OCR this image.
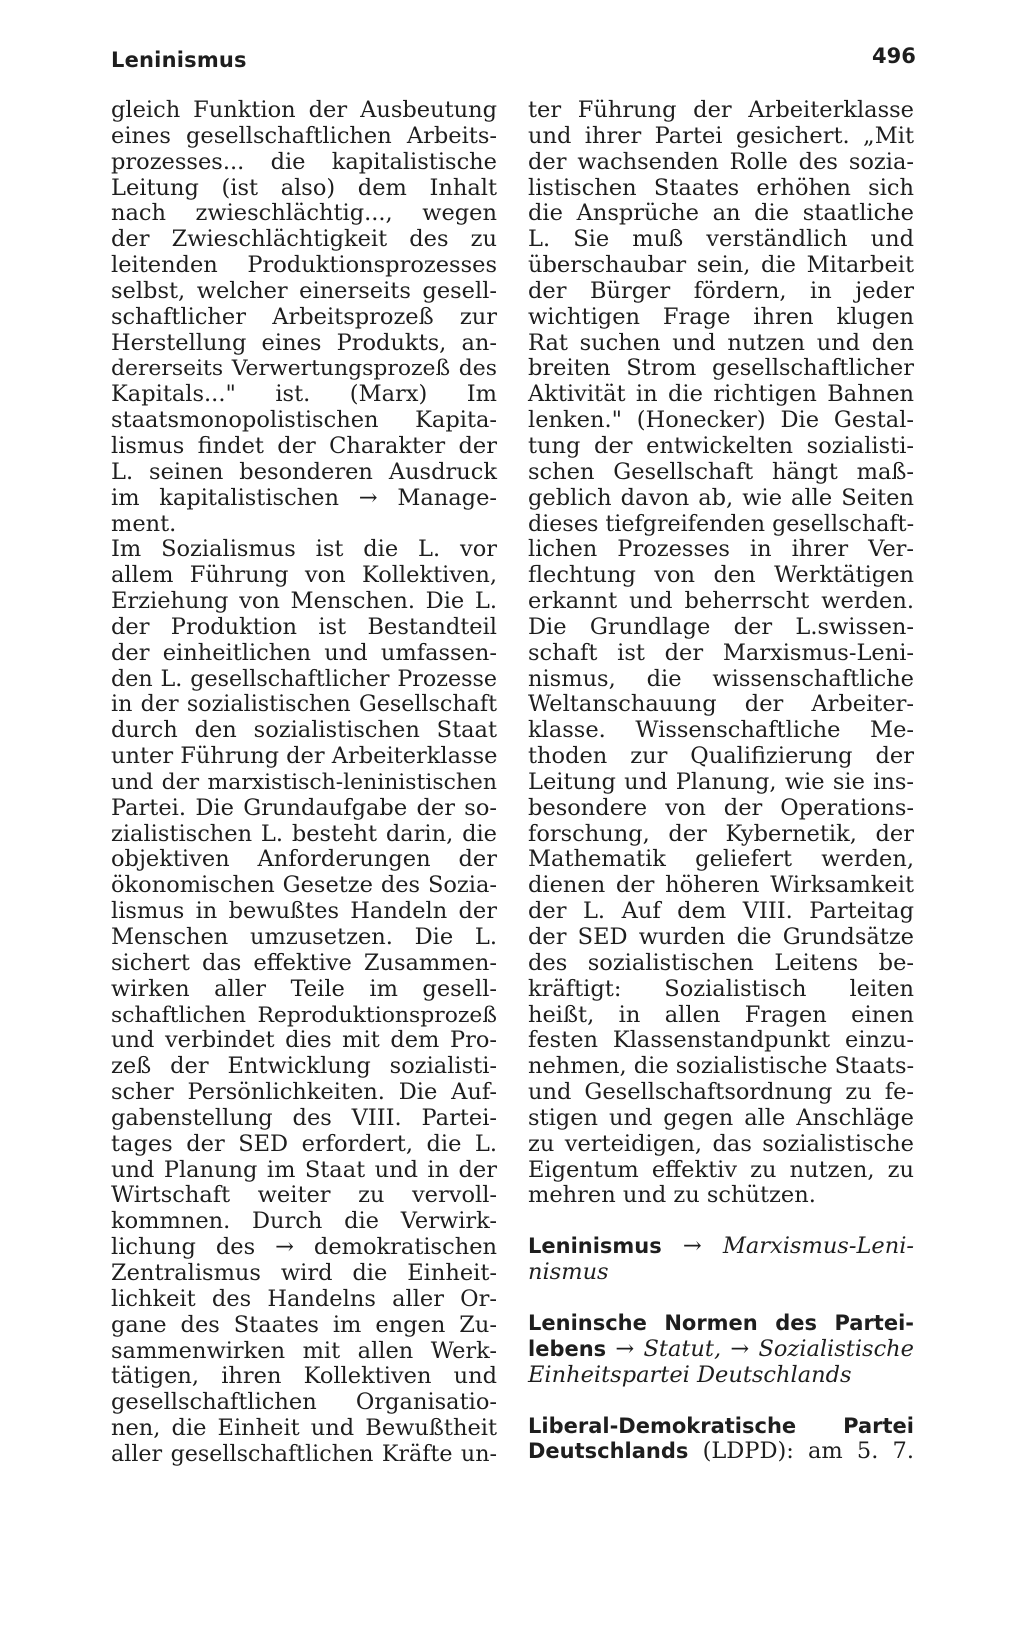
Leninismus	496
gleich Funktion der Ausbeutung
eines gesellschaftlichen Arbeits-
prozesses... die kapitalistische
Leitung (ist also) dem Inhalt
nach zwieschlächtig..., wegen
der Zwieschlächtigkeit des zu
leitenden Produktionsprozesses
selbst, welcher einerseits gesell-
schaftlicher Arbeitsprozeß zur
Herstellung eines Produkts, an-
dererseits Verwertungsprozeß des
Kapitals..." ist. (Marx) Im
staatsmonopolistischen Kapita-
lismus findet der Charakter der
L. seinen besonderen Ausdruck
im kapitalistischen → Manage-
ment.
Im Sozialismus ist die L. vor
allem Führung von Kollektiven,
Erziehung von Menschen. Die L.
der Produktion ist Bestandteil
der einheitlichen und umfassen-
den L. gesellschaftlicher Prozesse
in der sozialistischen Gesellschaft
durch den sozialistischen Staat
unter Führung der Arbeiterklasse
und der marxistisch-leninistischen
Partei. Die Grundaufgabe der so-
zialistischen L. besteht darin, die
objektiven Anforderungen der
ökonomischen Gesetze des Sozia-
lismus in bewußtes Handeln der
Menschen umzusetzen. Die L.
sichert das effektive Zusammen-
wirken aller Teile im gesell-
schaftlichen Reproduktionsprozeß
und verbindet dies mit dem Pro-
zeß der Entwicklung sozialisti-
scher Persönlichkeiten. Die Auf-
gabenstellung des VIII. Partei-
tages der SED erfordert, die L.
und Planung im Staat und in der
Wirtschaft weiter zu vervoll-
kommnen. Durch die Verwirk-
lichung des → demokratischen
Zentralismus wird die Einheit-
lichkeit des Handelns aller Or-
gane des Staates im engen Zu-
sammenwirken mit allen Werk-
tätigen, ihren Kollektiven und
gesellschaftlichen Organisatio-
nen, die Einheit und Bewußtheit
aller gesellschaftlichen Kräfte un-
ter Führung der Arbeiterklasse
und ihrer Partei gesichert. „Mit
der wachsenden Rolle des sozia-
listischen Staates erhöhen sich
die Ansprüche an die staatliche
L. Sie muß verständlich und
überschaubar sein, die Mitarbeit
der Bürger fördern, in jeder
wichtigen Frage ihren klugen
Rat suchen und nutzen und den
breiten Strom gesellschaftlicher
Aktivität in die richtigen Bahnen
lenken." (Honecker) Die Gestal-
tung der entwickelten sozialisti-
schen Gesellschaft hängt maß-
geblich davon ab, wie alle Seiten
dieses tiefgreifenden gesellschaft-
lichen Prozesses in ihrer Ver-
flechtung von den Werktätigen
erkannt und beherrscht werden.
Die Grundlage der L.swissen-
schaft ist der Marxismus-Leni-
nismus, die wissenschaftliche
Weltanschauung der Arbeiter-
klasse. Wissenschaftliche Me-
thoden zur Qualifizierung der
Leitung und Planung, wie sie ins-
besondere von der Operations-
forschung, der Kybernetik, der
Mathematik geliefert werden,
dienen der höheren Wirksamkeit
der L. Auf dem VIII. Parteitag
der SED wurden die Grundsätze
des sozialistischen Leitens be-
kräftigt: Sozialistisch leiten
heißt, in allen Fragen einen
festen Klassenstandpunkt einzu-
nehmen, die sozialistische Staats-
und Gesellschaftsordnung zu fe-
stigen und gegen alle Anschläge
zu verteidigen, das sozialistische
Eigentum effektiv zu nutzen, zu
mehren und zu schützen.
Leninismus → Marxismus-Leni-
nismus
Leninsche Normen des Partei-
lebens → Statut, → Sozialistische
Einheitspartei Deutschlands
Liberal-Demokratische Partei
Deutschlands (LDPD): am 5. 7.
